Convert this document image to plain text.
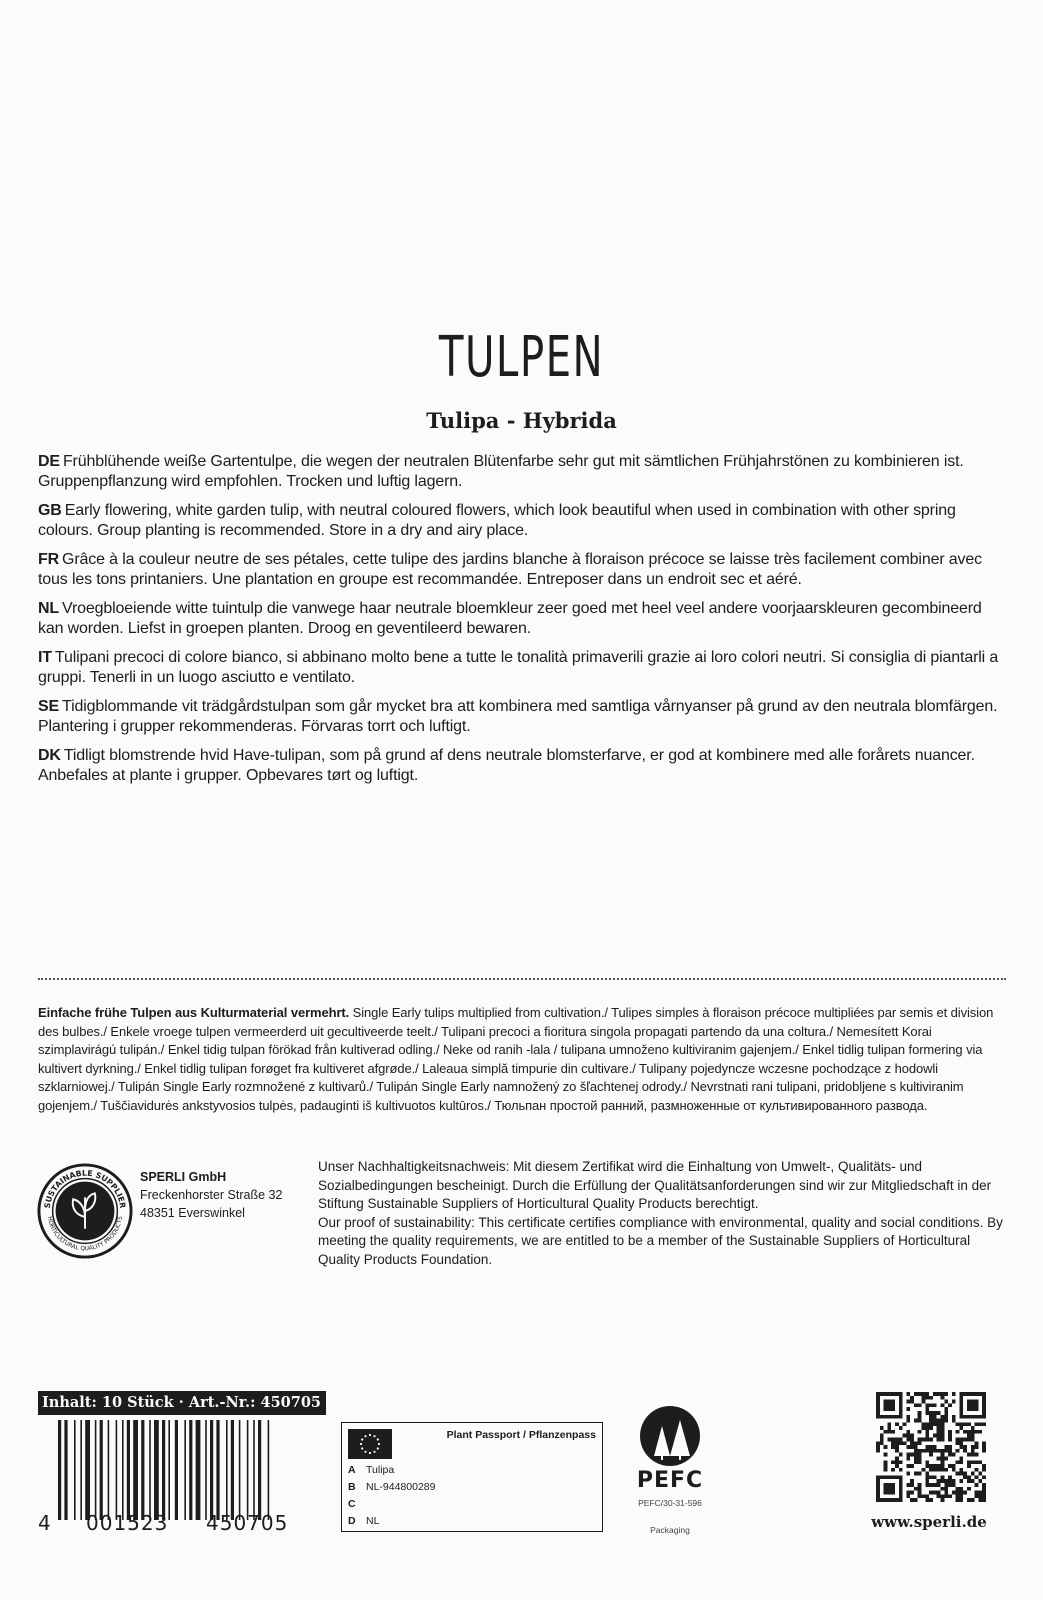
TULPEN
Tulipa - Hybrida

DE Frühblühende weiße Gartentulpe, die wegen der neutralen Blütenfarbe sehr gut mit sämtlichen Frühjahrstönen zu kombinieren ist. Gruppenpflanzung wird empfohlen. Trocken und luftig lagern.

GB Early flowering, white garden tulip, with neutral coloured flowers, which look beautiful when used in combination with other spring colours. Group planting is recommended. Store in a dry and airy place.

FR Grâce à la couleur neutre de ses pétales, cette tulipe des jardins blanche à floraison précoce se laisse très facilement combiner avec tous les tons printaniers. Une plantation en groupe est recommandée. Entreposer dans un endroit sec et aéré.

NL Vroegbloeiende witte tuintulp die vanwege haar neutrale bloemkleur zeer goed met heel veel andere voorjaarskleuren gecombineerd kan worden. Liefst in groepen planten. Droog en geventileerd bewaren.

IT Tulipani precoci di colore bianco, si abbinano molto bene a tutte le tonalità primaverili grazie ai loro colori neutri. Si consiglia di piantarli a gruppi. Tenerli in un luogo asciutto e ventilato.

SE Tidigblommande vit trädgårdstulpan som går mycket bra att kombinera med samtliga vårnyanser på grund av den neutrala blomfärgen. Plantering i grupper rekommenderas. Förvaras torrt och luftigt.

DK Tidligt blomstrende hvid Have-tulipan, som på grund af dens neutrale blomsterfarve, er god at kombinere med alle forårets nuancer. Anbefales at plante i grupper. Opbevares tørt og luftigt.

Einfache frühe Tulpen aus Kulturmaterial vermehrt. Single Early tulips multiplied from cultivation./ Tulipes simples à floraison précoce multipliées par semis et division des bulbes./ Enkele vroege tulpen vermeerderd uit gecultiveerde teelt./ Tulipani precoci a fioritura singola propagati partendo da una coltura./ Nemesített Korai szimplavirágú tulipán./ Enkel tidig tulpan förökad från kultiverad odling./ Neke od ranih -lala / tulipana umnoženo kultiviranim gajenjem./ Enkel tidlig tulipan formering via kultivert dyrkning./ Enkel tidlig tulipan forøget fra kultiveret afgrøde./ Laleaua simplă timpurie din cultivare./ Tulipany pojedyncze wczesne pochodzące z hodowli szklarniowej./ Tulipán Single Early rozmnožené z kultivarů./ Tulipán Single Early namnožený zo šľachtenej odrody./ Nevrstnati rani tulipani, pridobljene s kultiviranim gojenjem./ Tuščiavidurės ankstyvosios tulpės, padauginti iš kultivuotos kultūros./ Тюльпан простой ранний, размноженные от культивированного развода.

SUSTAINABLE SUPPLIER
HORTICULTURAL QUALITY PRODUCTS
SPERLI GmbH
Freckenhorster Straße 32
48351 Everswinkel

Unser Nachhaltigkeitsnachweis: Mit diesem Zertifikat wird die Einhaltung von Umwelt-, Qualitäts- und Sozialbedingungen bescheinigt. Durch die Erfüllung der Qualitätsanforderungen sind wir zur Mitgliedschaft in der Stiftung Sustainable Suppliers of Horticultural Quality Products berechtigt.

Our proof of sustainability: This certificate certifies compliance with environmental, quality and social conditions. By meeting the quality requirements, we are entitled to be a member of the Sustainable Suppliers of Horticultural Quality Products Foundation.

Inhalt: 10 Stück · Art.-Nr.: 450705
4 001523 450705
Plant Passport / Pflanzenpass
A Tulipa
B NL-944800289
C
D NL
PEFC
PEFC/30-31-596
Packaging	www.sperli.de
